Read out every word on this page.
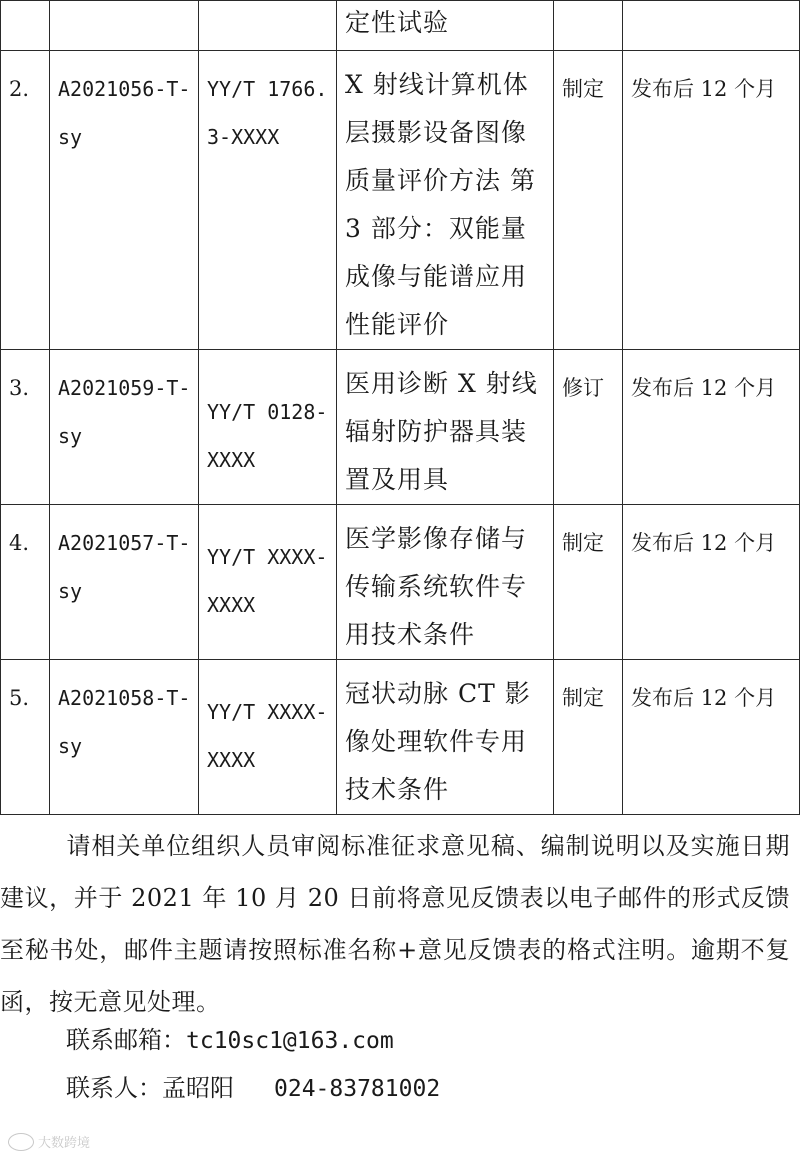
			定性试验		
2.	A2021056-T-sy	YY/T 1766.3-XXXX	X 射线计算机体层摄影设备图像质量评价方法 第 3 部分：双能量成像与能谱应用性能评价	制定	发布后 12 个月
3.	A2021059-T-sy	YY/T 0128-XXXX	医用诊断 X 射线辐射防护器具装置及用具	修订	发布后 12 个月
4.	A2021057-T-sy	YY/T XXXX-XXXX	医学影像存储与传输系统软件专用技术条件	制定	发布后 12 个月
5.	A2021058-T-sy	YY/T XXXX-XXXX	冠状动脉 CT 影像处理软件专用技术条件	制定	发布后 12 个月
请相关单位组织人员审阅标准征求意见稿、编制说明以及实施日期建议，并于 2021 年 10 月 20 日前将意见反馈表以电子邮件的形式反馈至秘书处，邮件主题请按照标准名称+意见反馈表的格式注明。逾期不复函，按无意见处理。
联系邮箱：tc10sc1@163.com
联系人：孟昭阳 024-83781002
大数跨境
